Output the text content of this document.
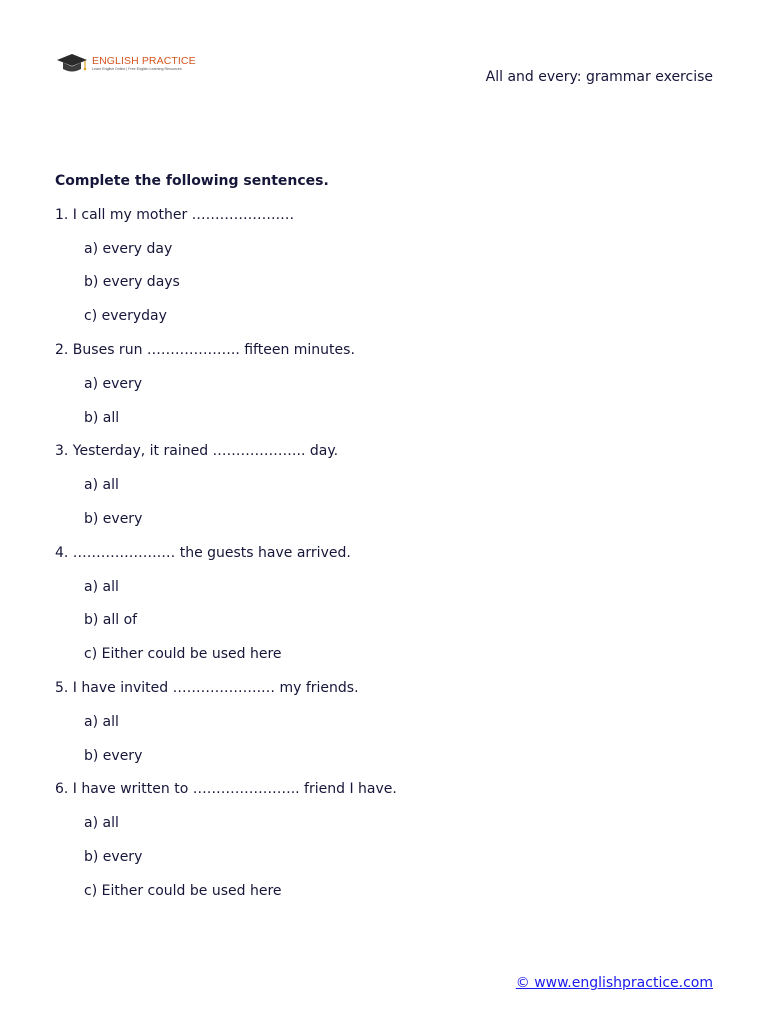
ENGLISH PRACTICE
Learn English Online | Free English Learning Resources	All and every: grammar exercise
Complete the following sentences.
1. I call my mother ……………….…
a) every day
b) every days
c) everyday
2. Buses run ……………….. fifteen minutes.
a) every
b) all
3. Yesterday, it rained ……………….. day.
a) all
b) every
4. ……………….… the guests have arrived.
a) all
b) all of
c) Either could be used here
5. I have invited ……………….… my friends.
a) all
b) every
6. I have written to ………………….. friend I have.
a) all
b) every
c) Either could be used here
© www.englishpractice.com
